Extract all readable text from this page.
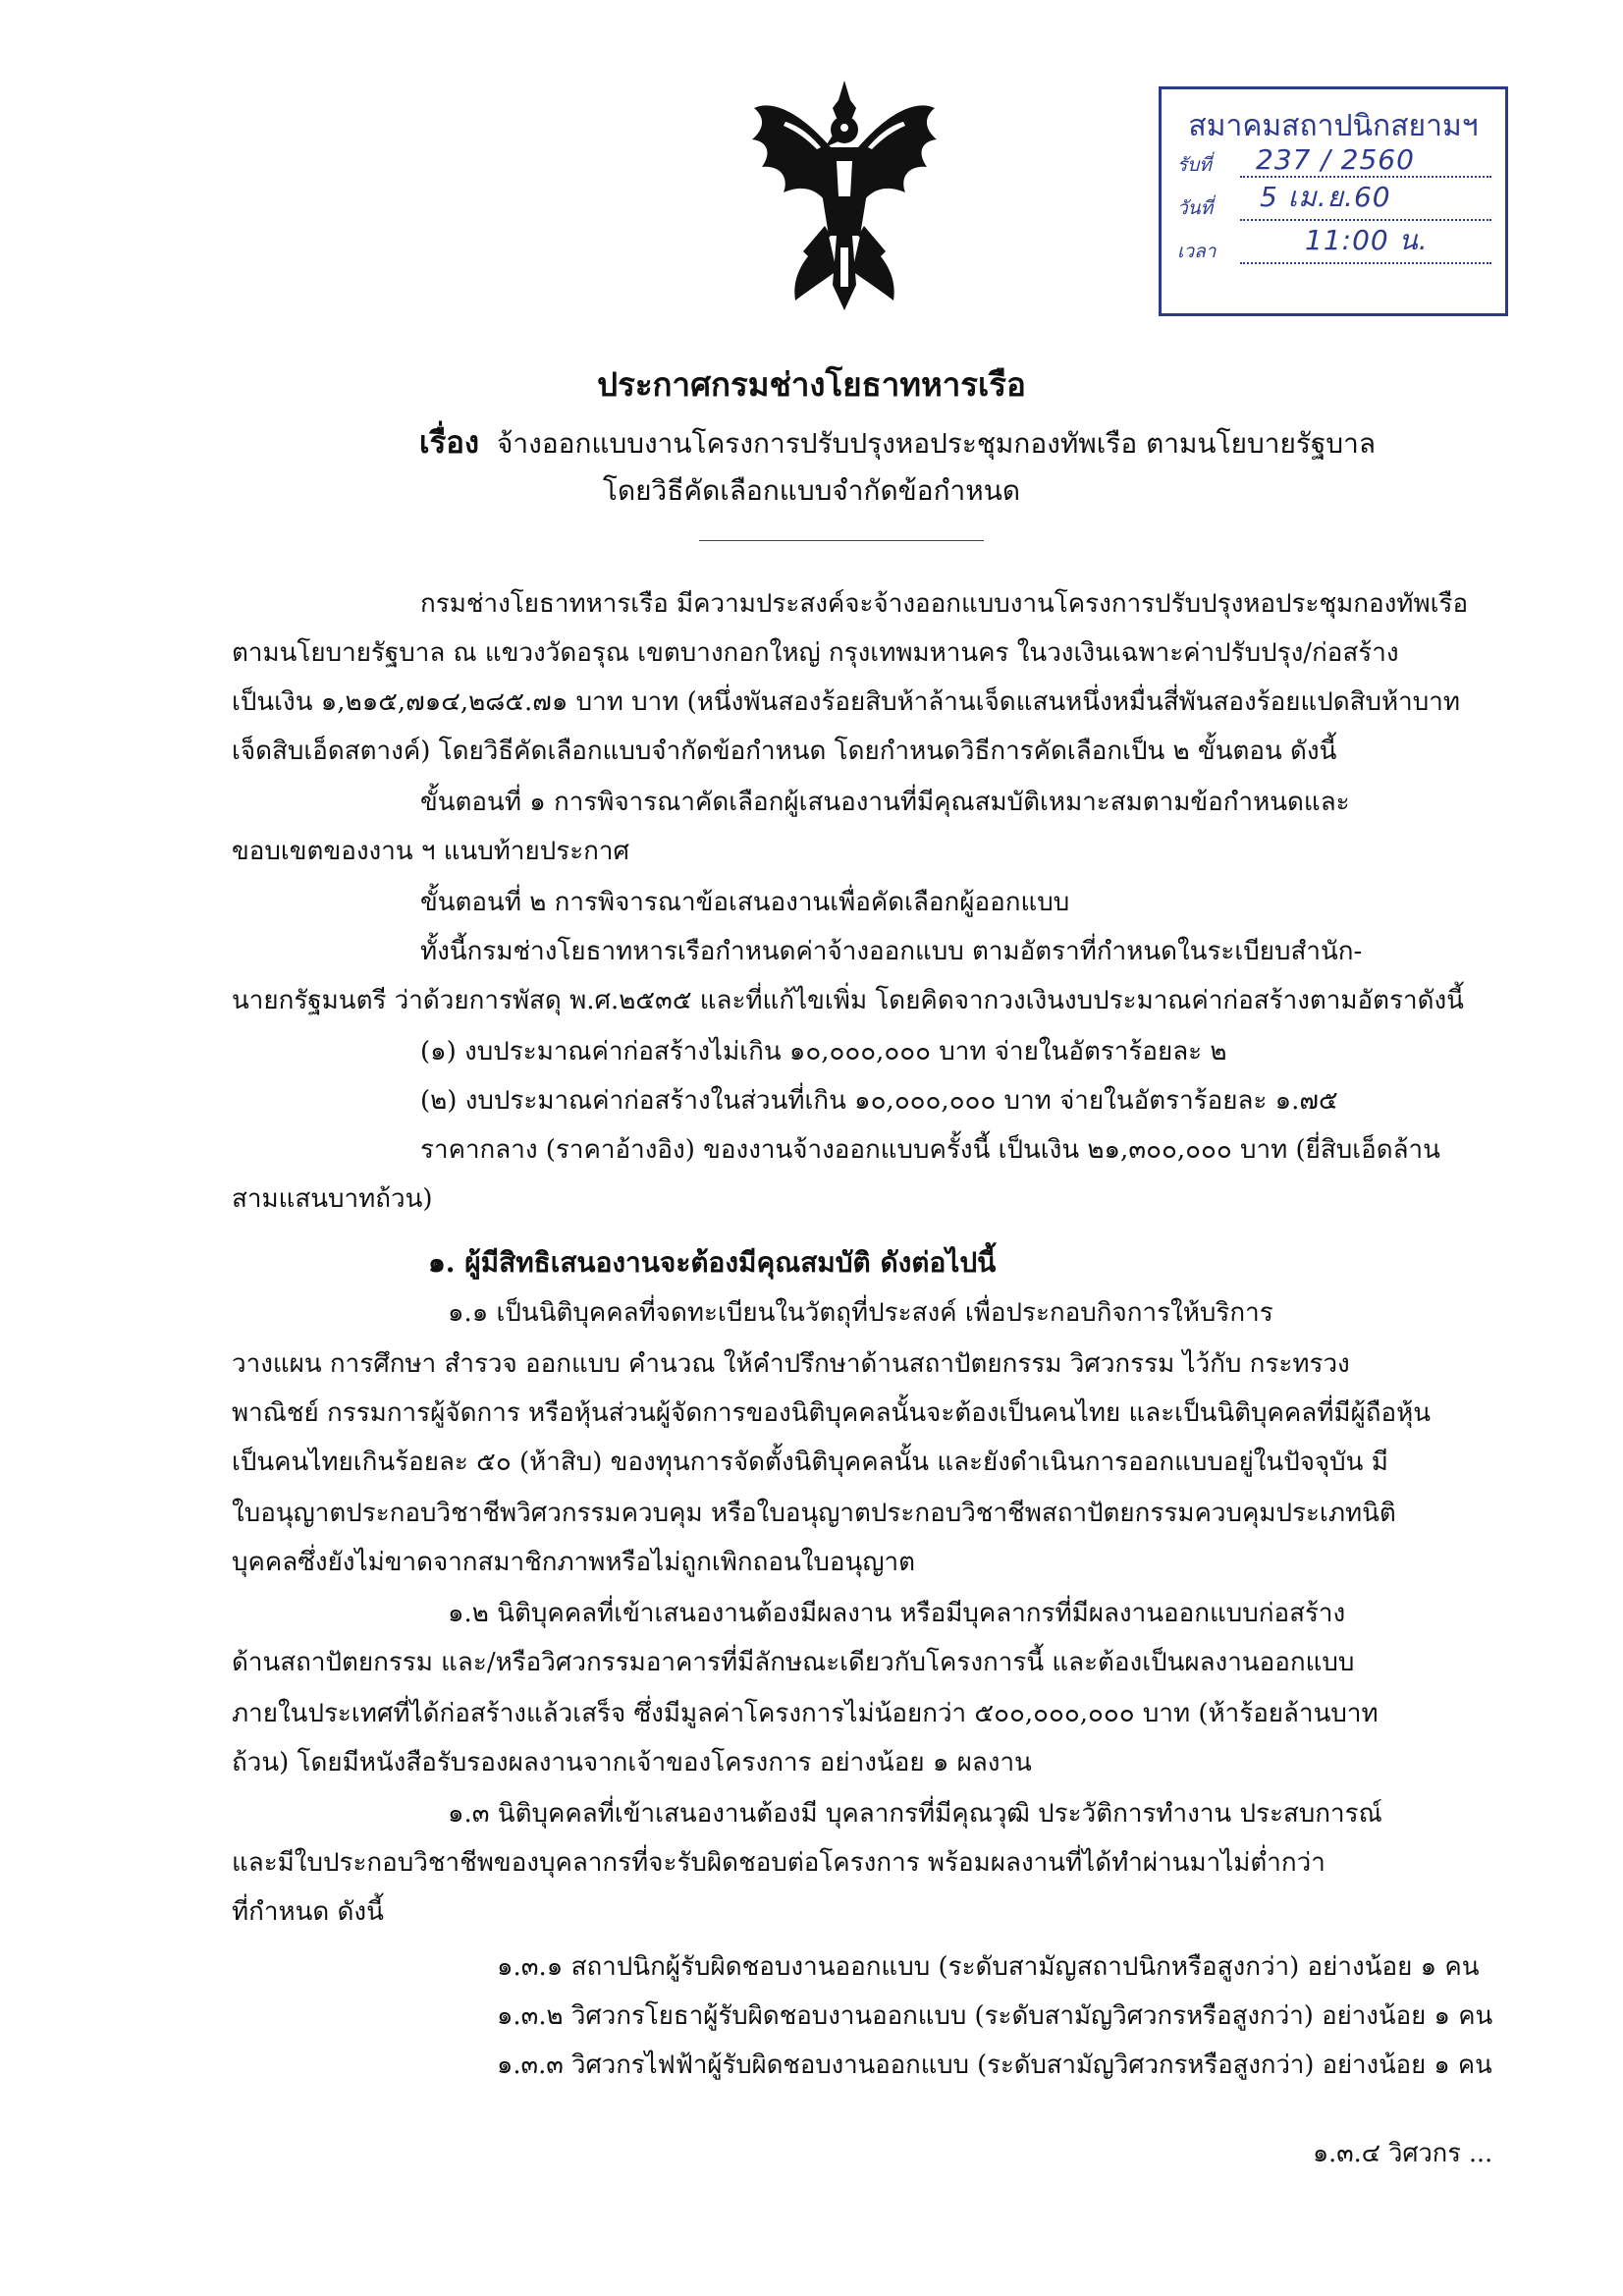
สมาคมสถาปนิกสยามฯ
รับที่ 237 / 2560
วันที่ 5 เม.ย.60
เวลา	11:00 น.
ประกาศกรมช่างโยธาทหารเรือ
เรื่อง จ้างออกแบบงานโครงการปรับปรุงหอประชุมกองทัพเรือ ตามนโยบายรัฐบาล
โดยวิธีคัดเลือกแบบจำกัดข้อกำหนด
กรมช่างโยธาทหารเรือ มีความประสงค์จะจ้างออกแบบงานโครงการปรับปรุงหอประชุมกองทัพเรือ
ตามนโยบายรัฐบาล ณ แขวงวัดอรุณ เขตบางกอกใหญ่ กรุงเทพมหานคร ในวงเงินเฉพาะค่าปรับปรุง/ก่อสร้าง
เป็นเงิน ๑,๒๑๕,๗๑๔,๒๘๕.๗๑ บาท บาท (หนึ่งพันสองร้อยสิบห้าล้านเจ็ดแสนหนึ่งหมื่นสี่พันสองร้อยแปดสิบห้าบาท
เจ็ดสิบเอ็ดสตางค์) โดยวิธีคัดเลือกแบบจำกัดข้อกำหนด โดยกำหนดวิธีการคัดเลือกเป็น ๒ ขั้นตอน ดังนี้
ขั้นตอนที่ ๑ การพิจารณาคัดเลือกผู้เสนองานที่มีคุณสมบัติเหมาะสมตามข้อกำหนดและ
ขอบเขตของงาน ฯ แนบท้ายประกาศ
ขั้นตอนที่ ๒ การพิจารณาข้อเสนองานเพื่อคัดเลือกผู้ออกแบบ
ทั้งนี้กรมช่างโยธาทหารเรือกำหนดค่าจ้างออกแบบ ตามอัตราที่กำหนดในระเบียบสำนัก-
นายกรัฐมนตรี ว่าด้วยการพัสดุ พ.ศ.๒๕๓๕ และที่แก้ไขเพิ่ม โดยคิดจากวงเงินงบประมาณค่าก่อสร้างตามอัตราดังนี้
(๑) งบประมาณค่าก่อสร้างไม่เกิน ๑๐,๐๐๐,๐๐๐ บาท จ่ายในอัตราร้อยละ ๒
(๒) งบประมาณค่าก่อสร้างในส่วนที่เกิน ๑๐,๐๐๐,๐๐๐ บาท จ่ายในอัตราร้อยละ ๑.๗๕
ราคากลาง (ราคาอ้างอิง) ของงานจ้างออกแบบครั้งนี้ เป็นเงิน ๒๑,๓๐๐,๐๐๐ บาท (ยี่สิบเอ็ดล้าน
สามแสนบาทถ้วน)
๑. ผู้มีสิทธิเสนองานจะต้องมีคุณสมบัติ ดังต่อไปนี้
๑.๑ เป็นนิติบุคคลที่จดทะเบียนในวัตถุที่ประสงค์ เพื่อประกอบกิจการให้บริการ
วางแผน การศึกษา สำรวจ ออกแบบ คำนวณ ให้คำปรึกษาด้านสถาปัตยกรรม วิศวกรรม ไว้กับ กระทรวง
พาณิชย์ กรรมการผู้จัดการ หรือหุ้นส่วนผู้จัดการของนิติบุคคลนั้นจะต้องเป็นคนไทย และเป็นนิติบุคคลที่มีผู้ถือหุ้น
เป็นคนไทยเกินร้อยละ ๕๐ (ห้าสิบ) ของทุนการจัดตั้งนิติบุคคลนั้น และยังดำเนินการออกแบบอยู่ในปัจจุบัน มี
ใบอนุญาตประกอบวิชาชีพวิศวกรรมควบคุม หรือใบอนุญาตประกอบวิชาชีพสถาปัตยกรรมควบคุมประเภทนิติ
บุคคลซึ่งยังไม่ขาดจากสมาชิกภาพหรือไม่ถูกเพิกถอนใบอนุญาต
๑.๒ นิติบุคคลที่เข้าเสนองานต้องมีผลงาน หรือมีบุคลากรที่มีผลงานออกแบบก่อสร้าง
ด้านสถาปัตยกรรม และ/หรือวิศวกรรมอาคารที่มีลักษณะเดียวกับโครงการนี้ และต้องเป็นผลงานออกแบบ
ภายในประเทศที่ได้ก่อสร้างแล้วเสร็จ ซึ่งมีมูลค่าโครงการไม่น้อยกว่า ๕๐๐,๐๐๐,๐๐๐ บาท (ห้าร้อยล้านบาท
ถ้วน) โดยมีหนังสือรับรองผลงานจากเจ้าของโครงการ อย่างน้อย ๑ ผลงาน
๑.๓ นิติบุคคลที่เข้าเสนองานต้องมี บุคลากรที่มีคุณวุฒิ ประวัติการทำงาน ประสบการณ์
และมีใบประกอบวิชาชีพของบุคลากรที่จะรับผิดชอบต่อโครงการ พร้อมผลงานที่ได้ทำผ่านมาไม่ต่ำกว่า
ที่กำหนด ดังนี้
๑.๓.๑ สถาปนิกผู้รับผิดชอบงานออกแบบ (ระดับสามัญสถาปนิกหรือสูงกว่า) อย่างน้อย ๑ คน
๑.๓.๒ วิศวกรโยธาผู้รับผิดชอบงานออกแบบ (ระดับสามัญวิศวกรหรือสูงกว่า) อย่างน้อย ๑ คน
๑.๓.๓ วิศวกรไฟฟ้าผู้รับผิดชอบงานออกแบบ (ระดับสามัญวิศวกรหรือสูงกว่า) อย่างน้อย ๑ คน
๑.๓.๔ วิศวกร ...
